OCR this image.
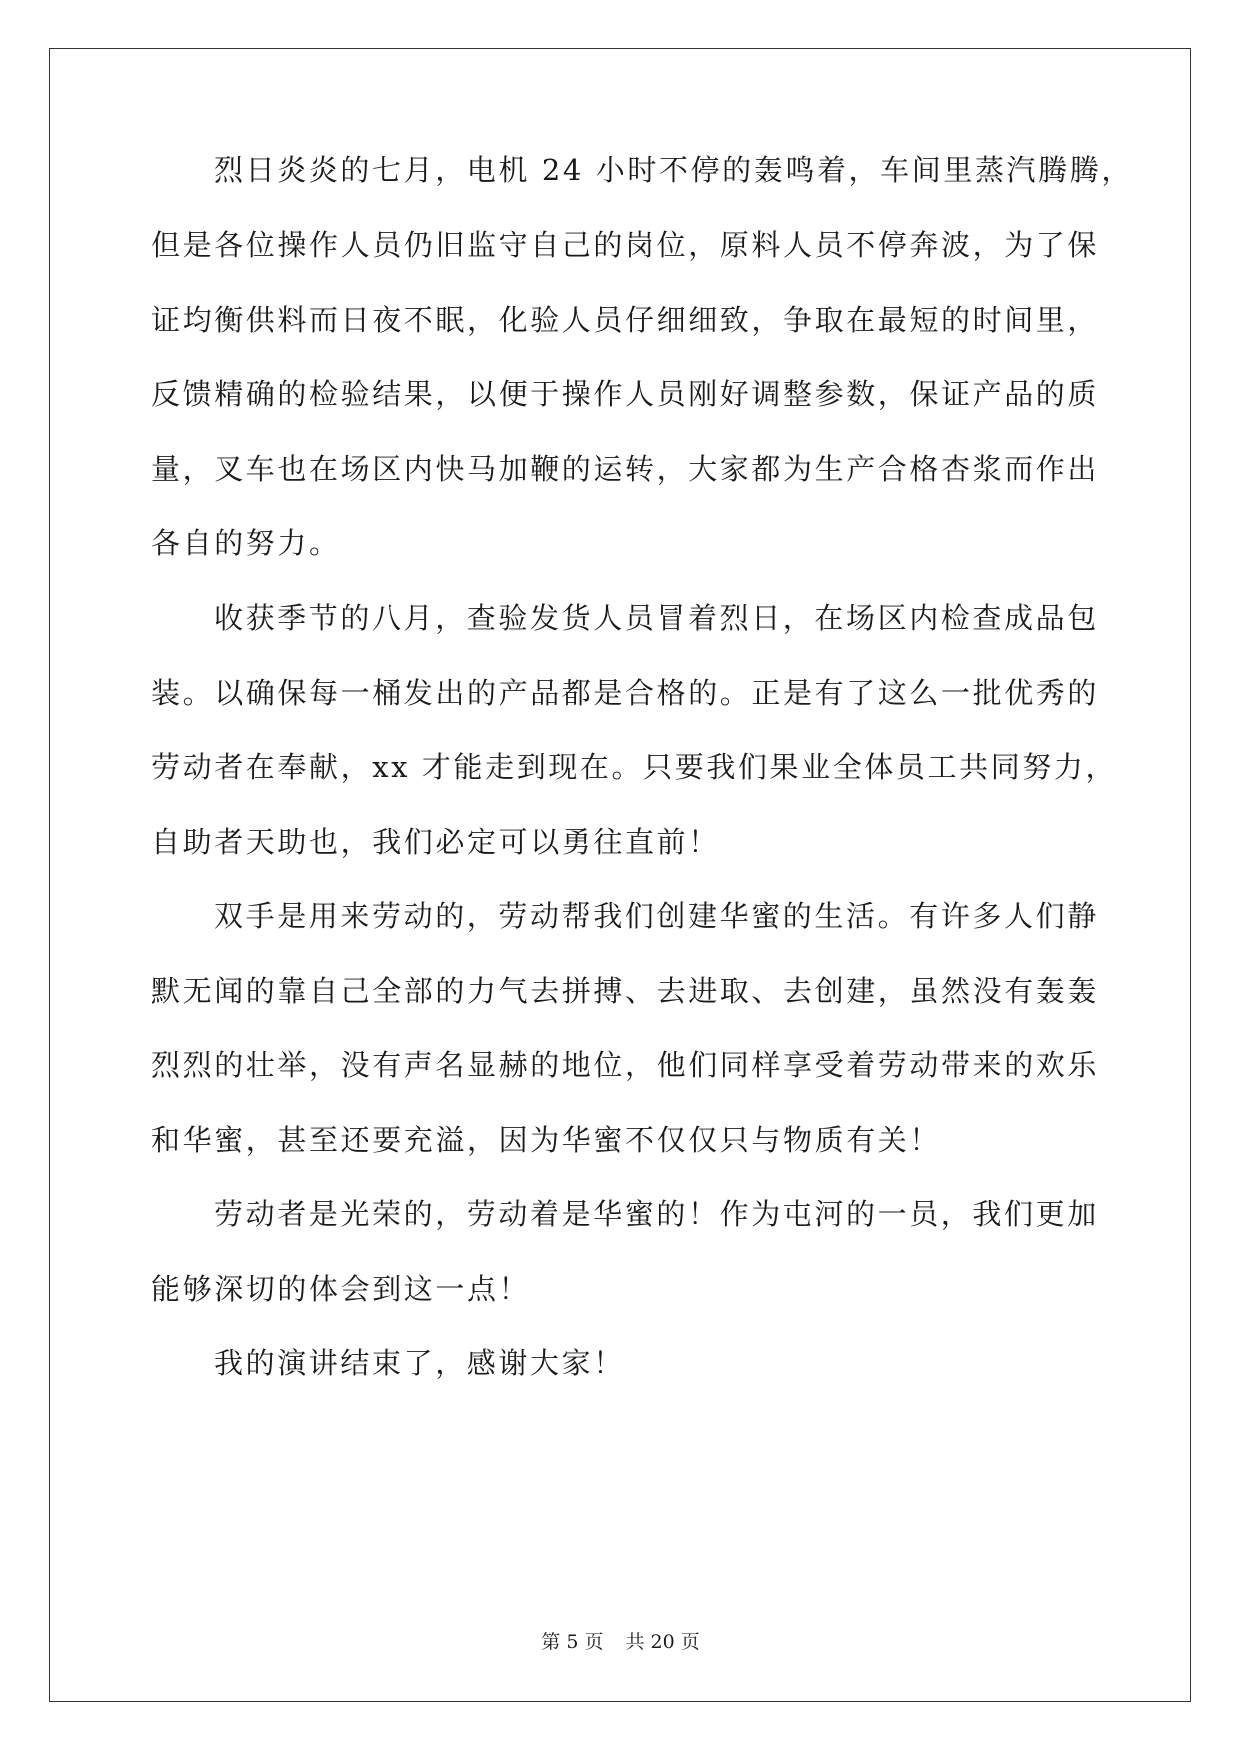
烈日炎炎的七月，电机 24 小时不停的轰鸣着，车间里蒸汽腾腾，
但是各位操作人员仍旧监守自己的岗位，原料人员不停奔波，为了保
证均衡供料而日夜不眠，化验人员仔细细致，争取在最短的时间里，
反馈精确的检验结果，以便于操作人员刚好调整参数，保证产品的质
量，叉车也在场区内快马加鞭的运转，大家都为生产合格杏浆而作出
各自的努力。
收获季节的八月，查验发货人员冒着烈日，在场区内检查成品包
装。以确保每一桶发出的产品都是合格的。正是有了这么一批优秀的
劳动者在奉献，xx 才能走到现在。只要我们果业全体员工共同努力，
自助者天助也，我们必定可以勇往直前！
双手是用来劳动的，劳动帮我们创建华蜜的生活。有许多人们静
默无闻的靠自己全部的力气去拼搏、去进取、去创建，虽然没有轰轰
烈烈的壮举，没有声名显赫的地位，他们同样享受着劳动带来的欢乐
和华蜜，甚至还要充溢，因为华蜜不仅仅只与物质有关！
劳动者是光荣的，劳动着是华蜜的！作为屯河的一员，我们更加
能够深切的体会到这一点！
我的演讲结束了，感谢大家！
第 5 页 共 20 页
